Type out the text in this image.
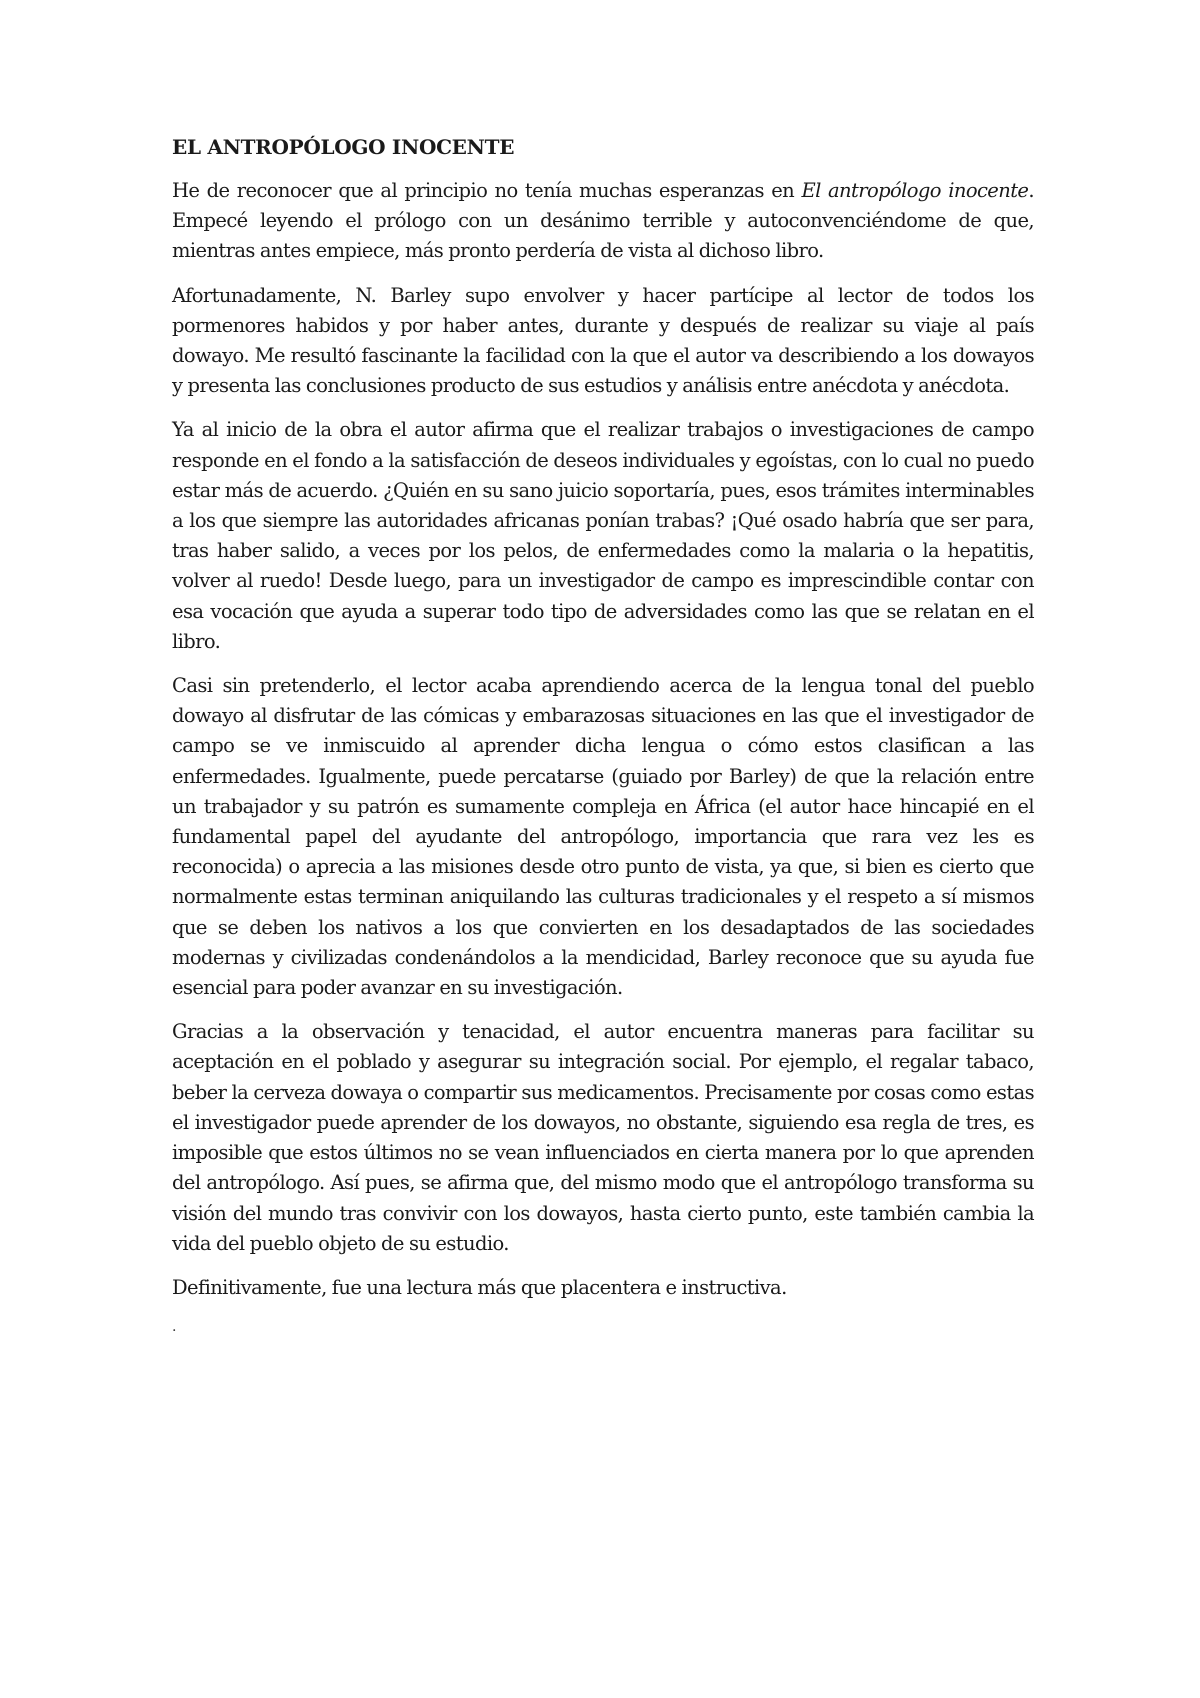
EL ANTROPÓLOGO INOCENTE

He de reconocer que al principio no tenía muchas esperanzas en El antropólogo inocente. Empecé leyendo el prólogo con un desánimo terrible y autoconvenciéndome de que, mientras antes empiece, más pronto perdería de vista al dichoso libro.

Afortunadamente, N. Barley supo envolver y hacer partícipe al lector de todos los pormenores habidos y por haber antes, durante y después de realizar su viaje al país dowayo. Me resultó fascinante la facilidad con la que el autor va describiendo a los dowayos y presenta las conclusiones producto de sus estudios y análisis entre anécdota y anécdota.

Ya al inicio de la obra el autor afirma que el realizar trabajos o investigaciones de campo responde en el fondo a la satisfacción de deseos individuales y egoístas, con lo cual no puedo estar más de acuerdo. ¿Quién en su sano juicio soportaría, pues, esos trámites interminables a los que siempre las autoridades africanas ponían trabas? ¡Qué osado habría que ser para, tras haber salido, a veces por los pelos, de enfermedades como la malaria o la hepatitis, volver al ruedo! Desde luego, para un investigador de campo es imprescindible contar con esa vocación que ayuda a superar todo tipo de adversidades como las que se relatan en el libro.

Casi sin pretenderlo, el lector acaba aprendiendo acerca de la lengua tonal del pueblo dowayo al disfrutar de las cómicas y embarazosas situaciones en las que el investigador de campo se ve inmiscuido al aprender dicha lengua o cómo estos clasifican a las enfermedades. Igualmente, puede percatarse (guiado por Barley) de que la relación entre un trabajador y su patrón es sumamente compleja en África (el autor hace hincapié en el fundamental papel del ayudante del antropólogo, importancia que rara vez les es reconocida) o aprecia a las misiones desde otro punto de vista, ya que, si bien es cierto que normalmente estas terminan aniquilando las culturas tradicionales y el respeto a sí mismos que se deben los nativos a los que convierten en los desadaptados de las sociedades modernas y civilizadas condenándolos a la mendicidad, Barley reconoce que su ayuda fue esencial para poder avanzar en su investigación.

Gracias a la observación y tenacidad, el autor encuentra maneras para facilitar su aceptación en el poblado y asegurar su integración social. Por ejemplo, el regalar tabaco, beber la cerveza dowaya o compartir sus medicamentos. Precisamente por cosas como estas el investigador puede aprender de los dowayos, no obstante, siguiendo esa regla de tres, es imposible que estos últimos no se vean influenciados en cierta manera por lo que aprenden del antropólogo. Así pues, se afirma que, del mismo modo que el antropólogo transforma su visión del mundo tras convivir con los dowayos, hasta cierto punto, este también cambia la vida del pueblo objeto de su estudio.

Definitivamente, fue una lectura más que placentera e instructiva.

.
